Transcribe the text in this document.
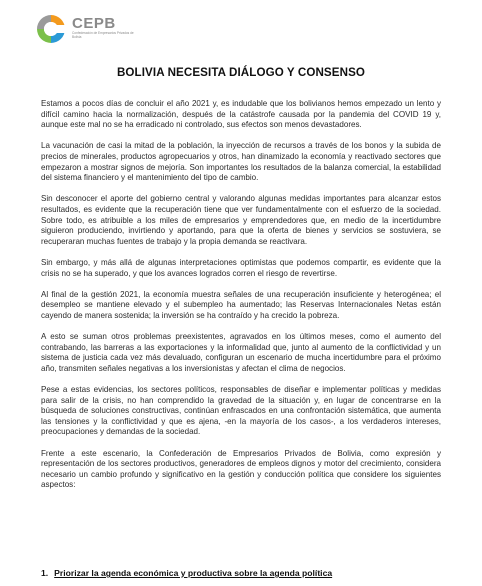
CEPB
Confederación de Empresarios Privados de Bolivia
BOLIVIA NECESITA DIÁLOGO Y CONSENSO

Estamos a pocos días de concluir el año 2021 y, es indudable que los bolivianos hemos empezado un lento y difícil camino hacia la normalización, después de la catástrofe causada por la pandemia del COVID 19 y, aunque este mal no se ha erradicado ni controlado, sus efectos son menos devastadores.

La vacunación de casi la mitad de la población, la inyección de recursos a través de los bonos y la subida de precios de minerales, productos agropecuarios y otros, han dinamizado la economía y reactivado sectores que empezaron a mostrar signos de mejoría. Son importantes los resultados de la balanza comercial, la estabilidad del sistema financiero y el mantenimiento del tipo de cambio.

Sin desconocer el aporte del gobierno central y valorando algunas medidas importantes para alcanzar estos resultados, es evidente que la recuperación tiene que ver fundamentalmente con el esfuerzo de la sociedad. Sobre todo, es atribuible a los miles de empresarios y emprendedores que, en medio de la incertidumbre siguieron produciendo, invirtiendo y aportando, para que la oferta de bienes y servicios se sostuviera, se recuperaran muchas fuentes de trabajo y la propia demanda se reactivara.

Sin embargo, y más allá de algunas interpretaciones optimistas que podemos compartir, es evidente que la crisis no se ha superado, y que los avances logrados corren el riesgo de revertirse.

Al final de la gestión 2021, la economía muestra señales de una recuperación insuficiente y heterogénea; el desempleo se mantiene elevado y el subempleo ha aumentado; las Reservas Internacionales Netas están cayendo de manera sostenida; la inversión se ha contraído y ha crecido la pobreza.

A esto se suman otros problemas preexistentes, agravados en los últimos meses, como el aumento del contrabando, las barreras a las exportaciones y la informalidad que, junto al aumento de la conflictividad y un sistema de justicia cada vez más devaluado, configuran un escenario de mucha incertidumbre para el próximo año, transmiten señales negativas a los inversionistas y afectan el clima de negocios.

Pese a estas evidencias, los sectores políticos, responsables de diseñar e implementar políticas y medidas para salir de la crisis, no han comprendido la gravedad de la situación y, en lugar de concentrarse en la búsqueda de soluciones constructivas, continúan enfrascados en una confrontación sistemática, que aumenta las tensiones y la conflictividad y que es ajena, -en la mayoría de los casos-, a los verdaderos intereses, preocupaciones y demandas de la sociedad.

Frente a este escenario, la Confederación de Empresarios Privados de Bolivia, como expresión y representación de los sectores productivos, generadores de empleos dignos y motor del crecimiento, considera necesario un cambio profundo y significativo en la gestión y conducción política que considere los siguientes aspectos:

1. Priorizar la agenda económica y productiva sobre la agenda política
